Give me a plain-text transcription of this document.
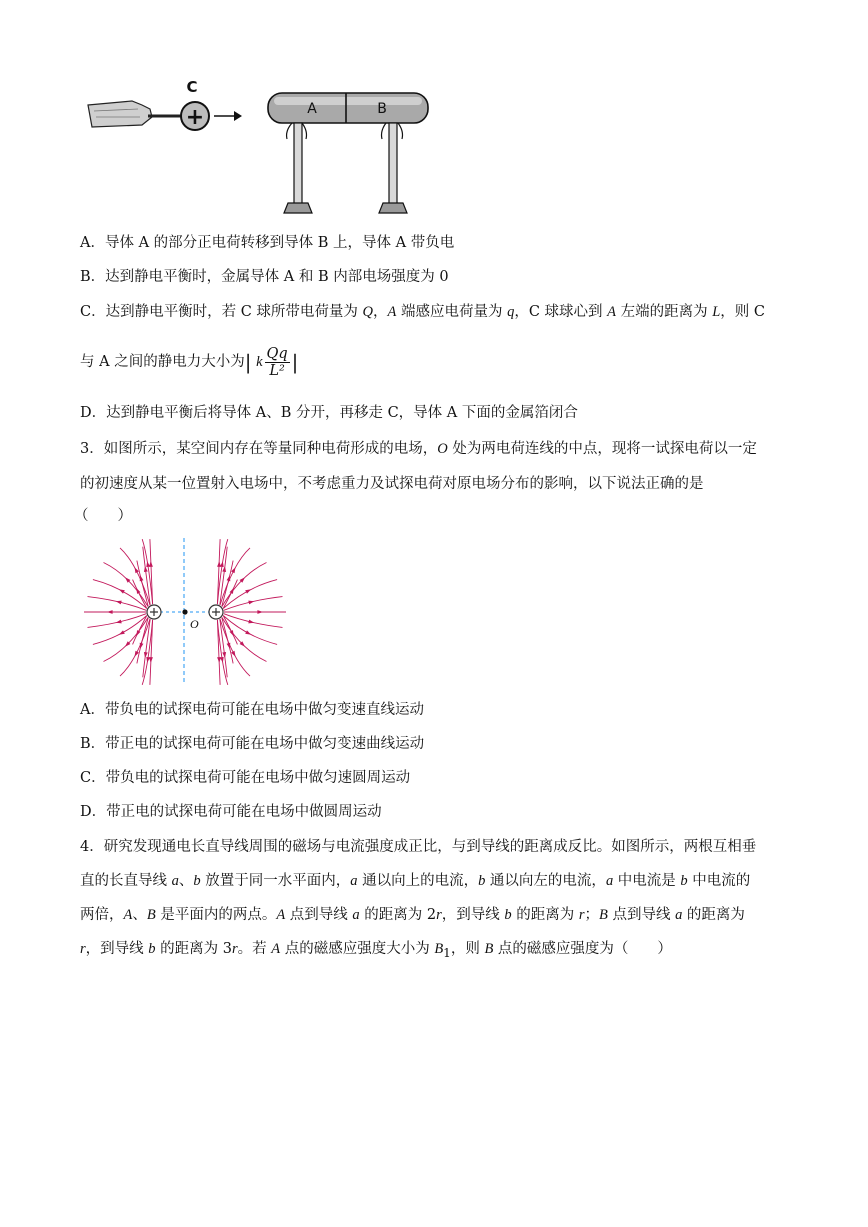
+
C
A	B
A．导体 A 的部分正电荷转移到导体 B 上，导体 A 带负电
B．达到静电平衡时，金属导体 A 和 B 内部电场强度为 0
C．达到静电平衡时，若 C 球所带电荷量为 Q，A 端感应电荷量为 q，C 球球心到 A 左端的距离为 L，则 C
与 A 之间的静电力大小为| k $\frac{Qq}{\text{L²}}$ |
D．达到静电平衡后将导体 A、B 分开，再移走 C，导体 A 下面的金属箔闭合
3．如图所示，某空间内存在等量同种电荷形成的电场，O 处为两电荷连线的中点，现将一试探电荷以一定
的初速度从某一位置射入电场中，不考虑重力及试探电荷对原电场分布的影响，以下说法正确的是
（　　）
O
A．带负电的试探电荷可能在电场中做匀变速直线运动
B．带正电的试探电荷可能在电场中做匀变速曲线运动
C．带负电的试探电荷可能在电场中做匀速圆周运动
D．带正电的试探电荷可能在电场中做圆周运动
4．研究发现通电长直导线周围的磁场与电流强度成正比，与到导线的距离成反比。如图所示，两根互相垂
直的长直导线 a、b 放置于同一水平面内，a 通以向上的电流，b 通以向左的电流，a 中电流是 b 中电流的
两倍，A、B 是平面内的两点。A 点到导线 a 的距离为 2r，到导线 b 的距离为 r；B 点到导线 a 的距离为
r，到导线 b 的距离为 3r。若 A 点的磁感应强度大小为 $B_1$，则 B 点的磁感应强度为（　　）
